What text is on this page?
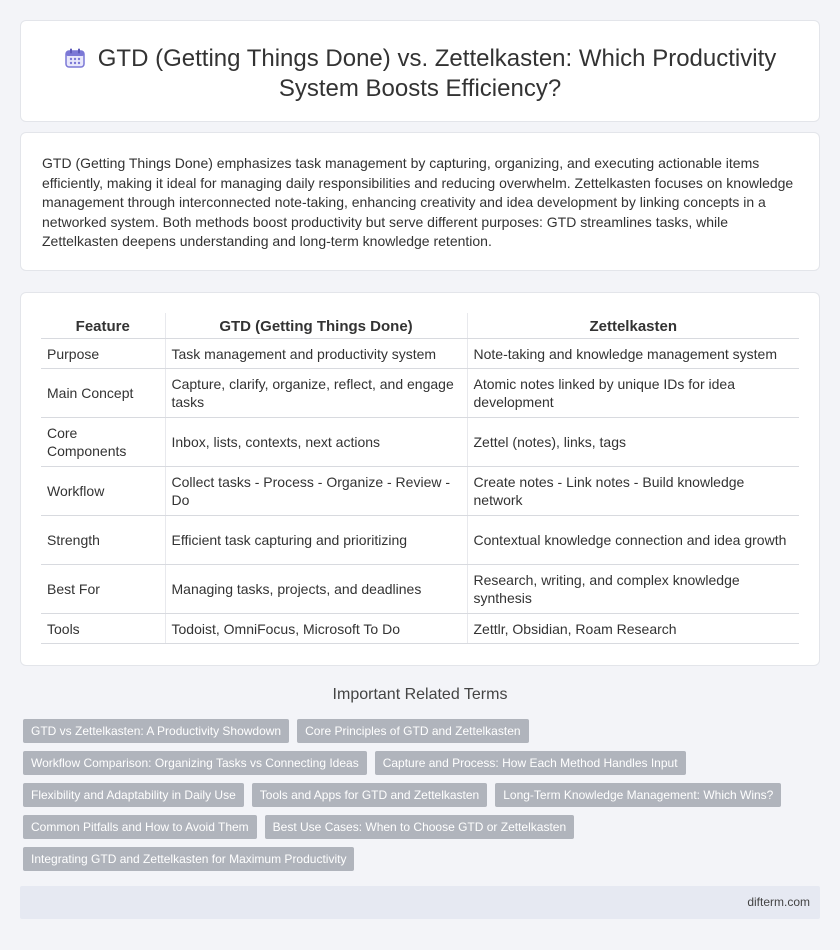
GTD (Getting Things Done) vs. Zettelkasten: Which Productivity System Boosts Efficiency?

GTD (Getting Things Done) emphasizes task management by capturing, organizing, and executing actionable items efficiently, making it ideal for managing daily responsibilities and reducing overwhelm. Zettelkasten focuses on knowledge management through interconnected note-taking, enhancing creativity and idea development by linking concepts in a networked system. Both methods boost productivity but serve different purposes: GTD streamlines tasks, while Zettelkasten deepens understanding and long-term knowledge retention.

Feature	GTD (Getting Things Done)	Zettelkasten
Purpose	Task management and productivity system	Note-taking and knowledge management system
Main Concept	Capture, clarify, organize, reflect, and engage tasks	Atomic notes linked by unique IDs for idea development
Core Components	Inbox, lists, contexts, next actions	Zettel (notes), links, tags
Workflow	Collect tasks - Process - Organize - Review - Do	Create notes - Link notes - Build knowledge network
Strength	Efficient task capturing and prioritizing	Contextual knowledge connection and idea growth
Best For	Managing tasks, projects, and deadlines	Research, writing, and complex knowledge synthesis
Tools	Todoist, OmniFocus, Microsoft To Do	Zettlr, Obsidian, Roam Research
Important Related Terms
GTD vs Zettelkasten: A Productivity Showdown	Core Principles of GTD and Zettelkasten
Workflow Comparison: Organizing Tasks vs Connecting Ideas	Capture and Process: How Each Method Handles Input
Flexibility and Adaptability in Daily Use	Tools and Apps for GTD and Zettelkasten	Long-Term Knowledge Management: Which Wins?
Common Pitfalls and How to Avoid Them	Best Use Cases: When to Choose GTD or Zettelkasten
Integrating GTD and Zettelkasten for Maximum Productivity
difterm.com
